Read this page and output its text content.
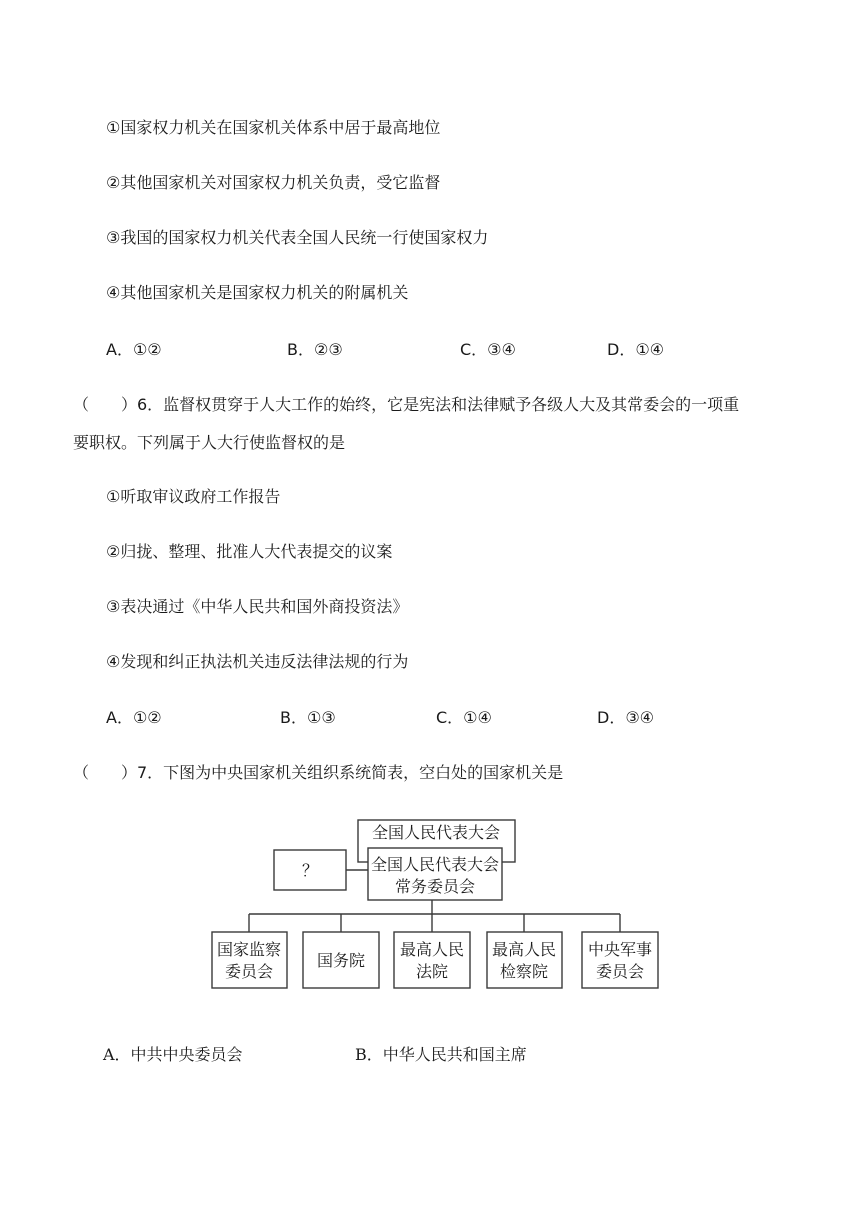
①国家权力机关在国家机关体系中居于最高地位
②其他国家机关对国家权力机关负责，受它监督
③我国的国家权力机关代表全国人民统一行使国家权力
④其他国家机关是国家权力机关的附属机关
A．①②	B．②③	C．③④	D．①④
（　　）6．监督权贯穿于人大工作的始终，它是宪法和法律赋予各级人大及其常委会的一项重
要职权。下列属于人大行使监督权的是
①听取审议政府工作报告
②归拢、整理、批准人大代表提交的议案
③表决通过《中华人民共和国外商投资法》
④发现和纠正执法机关违反法律法规的行为
A．①②	B．①③	C．①④	D．③④
（　　）7．下图为中央国家机关组织系统简表，空白处的国家机关是
全国人民代表大会
全国人民代表大会
常务委员会
？
国家监察
委员会
国务院
最高人民
法院
最高人民
检察院
中央军事
委员会
A．中共中央委员会	B．中华人民共和国主席
